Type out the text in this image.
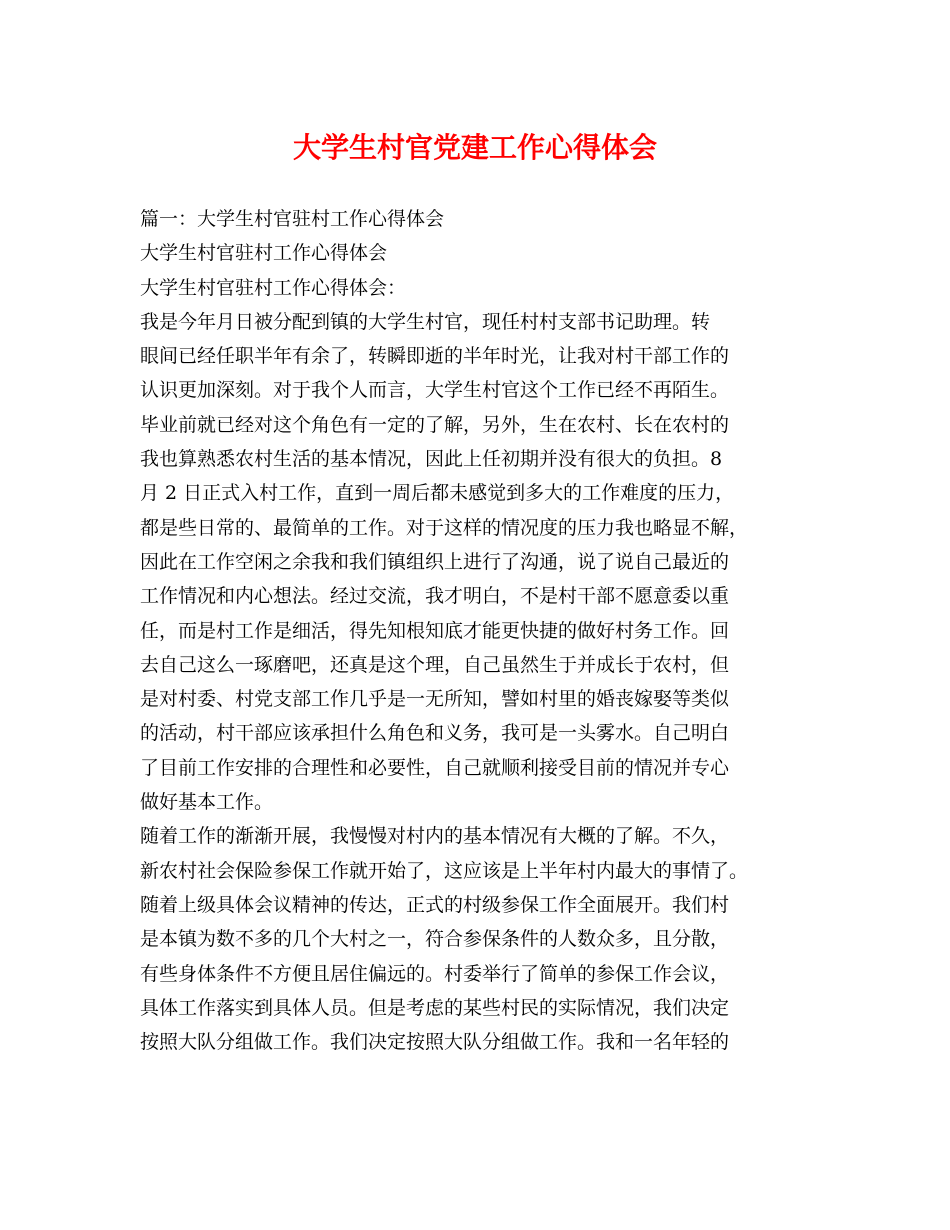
大学生村官党建工作心得体会
篇一：大学生村官驻村工作心得体会
大学生村官驻村工作心得体会
大学生村官驻村工作心得体会：
我是今年月日被分配到镇的大学生村官，现任村村支部书记助理。转
眼间已经任职半年有余了，转瞬即逝的半年时光，让我对村干部工作的
认识更加深刻。对于我个人而言，大学生村官这个工作已经不再陌生。
毕业前就已经对这个角色有一定的了解，另外，生在农村、长在农村的
我也算熟悉农村生活的基本情况，因此上任初期并没有很大的负担。8
月 2 日正式入村工作，直到一周后都未感觉到多大的工作难度的压力，
都是些日常的、最简单的工作。对于这样的情况度的压力我也略显不解，
因此在工作空闲之余我和我们镇组织上进行了沟通，说了说自己最近的
工作情况和内心想法。经过交流，我才明白，不是村干部不愿意委以重
任，而是村工作是细活，得先知根知底才能更快捷的做好村务工作。回
去自己这么一琢磨吧，还真是这个理，自己虽然生于并成长于农村，但
是对村委、村党支部工作几乎是一无所知，譬如村里的婚丧嫁娶等类似
的活动，村干部应该承担什么角色和义务，我可是一头雾水。自己明白
了目前工作安排的合理性和必要性，自己就顺利接受目前的情况并专心
做好基本工作。
随着工作的渐渐开展，我慢慢对村内的基本情况有大概的了解。不久，
新农村社会保险参保工作就开始了，这应该是上半年村内最大的事情了。
随着上级具体会议精神的传达，正式的村级参保工作全面展开。我们村
是本镇为数不多的几个大村之一，符合参保条件的人数众多，且分散，
有些身体条件不方便且居住偏远的。村委举行了简单的参保工作会议，
具体工作落实到具体人员。但是考虑的某些村民的实际情况，我们决定
按照大队分组做工作。我们决定按照大队分组做工作。我和一名年轻的
